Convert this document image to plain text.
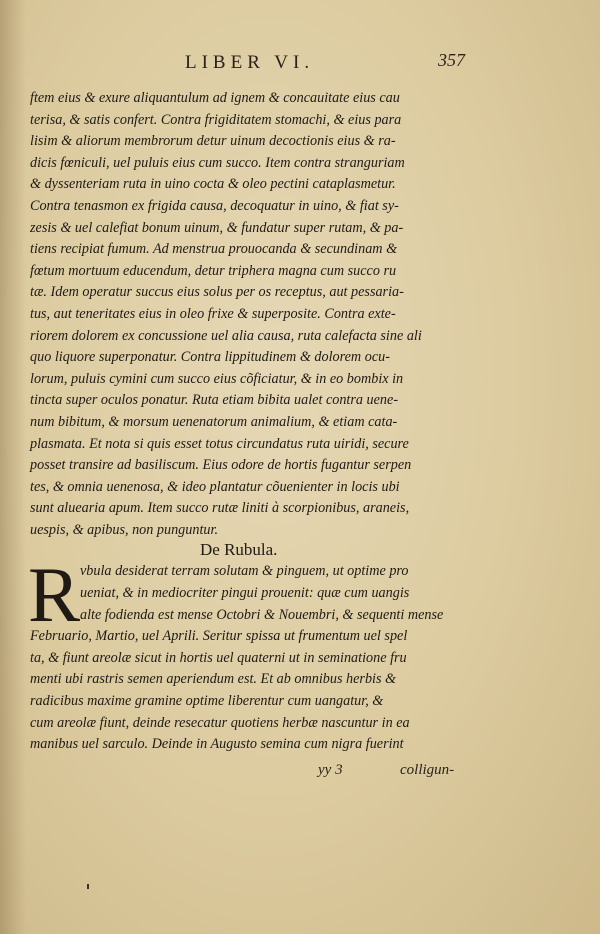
LIBER VI.	357
ftem eius & exure aliquantulum ad ignem & concauitate eius cau
terisa, & satis confert. Contra frigiditatem stomachi, & eius para
lisim & aliorum membrorum detur uinum decoctionis eius & ra-
dicis fœniculi, uel puluis eius cum succo. Item contra stranguriam
& dyssenteriam ruta in uino cocta & oleo pectini cataplasmetur.
Contra tenasmon ex frigida causa, decoquatur in uino, & fiat sy-
zesis & uel calefiat bonum uinum, & fundatur super rutam, & pa-
tiens recipiat fumum. Ad menstrua prouocanda & secundinam &
fœtum mortuum educendum, detur triphera magna cum succo ru
tæ. Idem operatur succus eius solus per os receptus, aut pessaria-
tus, aut teneritates eius in oleo frixe & superposite. Contra exte-
riorem dolorem ex concussione uel alia causa, ruta calefacta sine ali
quo liquore superponatur. Contra lippitudinem & dolorem ocu-
lorum, puluis cymini cum succo eius cõficiatur, & in eo bombix in
tincta super oculos ponatur. Ruta etiam bibita ualet contra uene-
num bibitum, & morsum uenenatorum animalium, & etiam cata-
plasmata. Et nota si quis esset totus circundatus ruta uiridi, secure
posset transire ad basiliscum. Eius odore de hortis fugantur serpen
tes, & omnia uenenosa, & ideo plantatur cõuenienter in locis ubi
sunt aluearia apum. Item succo rutæ liniti à scorpionibus, araneis,
uespis, & apibus, non punguntur.
De Rubula.
R vbula desiderat terram solutam & pinguem, ut optime pro
ueniat, & in mediocriter pingui prouenit: quæ cum uangis
alte fodienda est mense Octobri & Nouembri, & sequenti mense
Februario, Martio, uel Aprili. Seritur spissa ut frumentum uel spel
ta, & fiunt areolæ sicut in hortis uel quaterni ut in seminatione fru
menti ubi rastris semen aperiendum est. Et ab omnibus herbis &
radicibus maxime gramine optime liberentur cum uangatur, &
cum areolæ fiunt, deinde resecatur quotiens herbæ nascuntur in ea
manibus uel sarculo. Deinde in Augusto semina cum nigra fuerint
yy 3	colligun-
